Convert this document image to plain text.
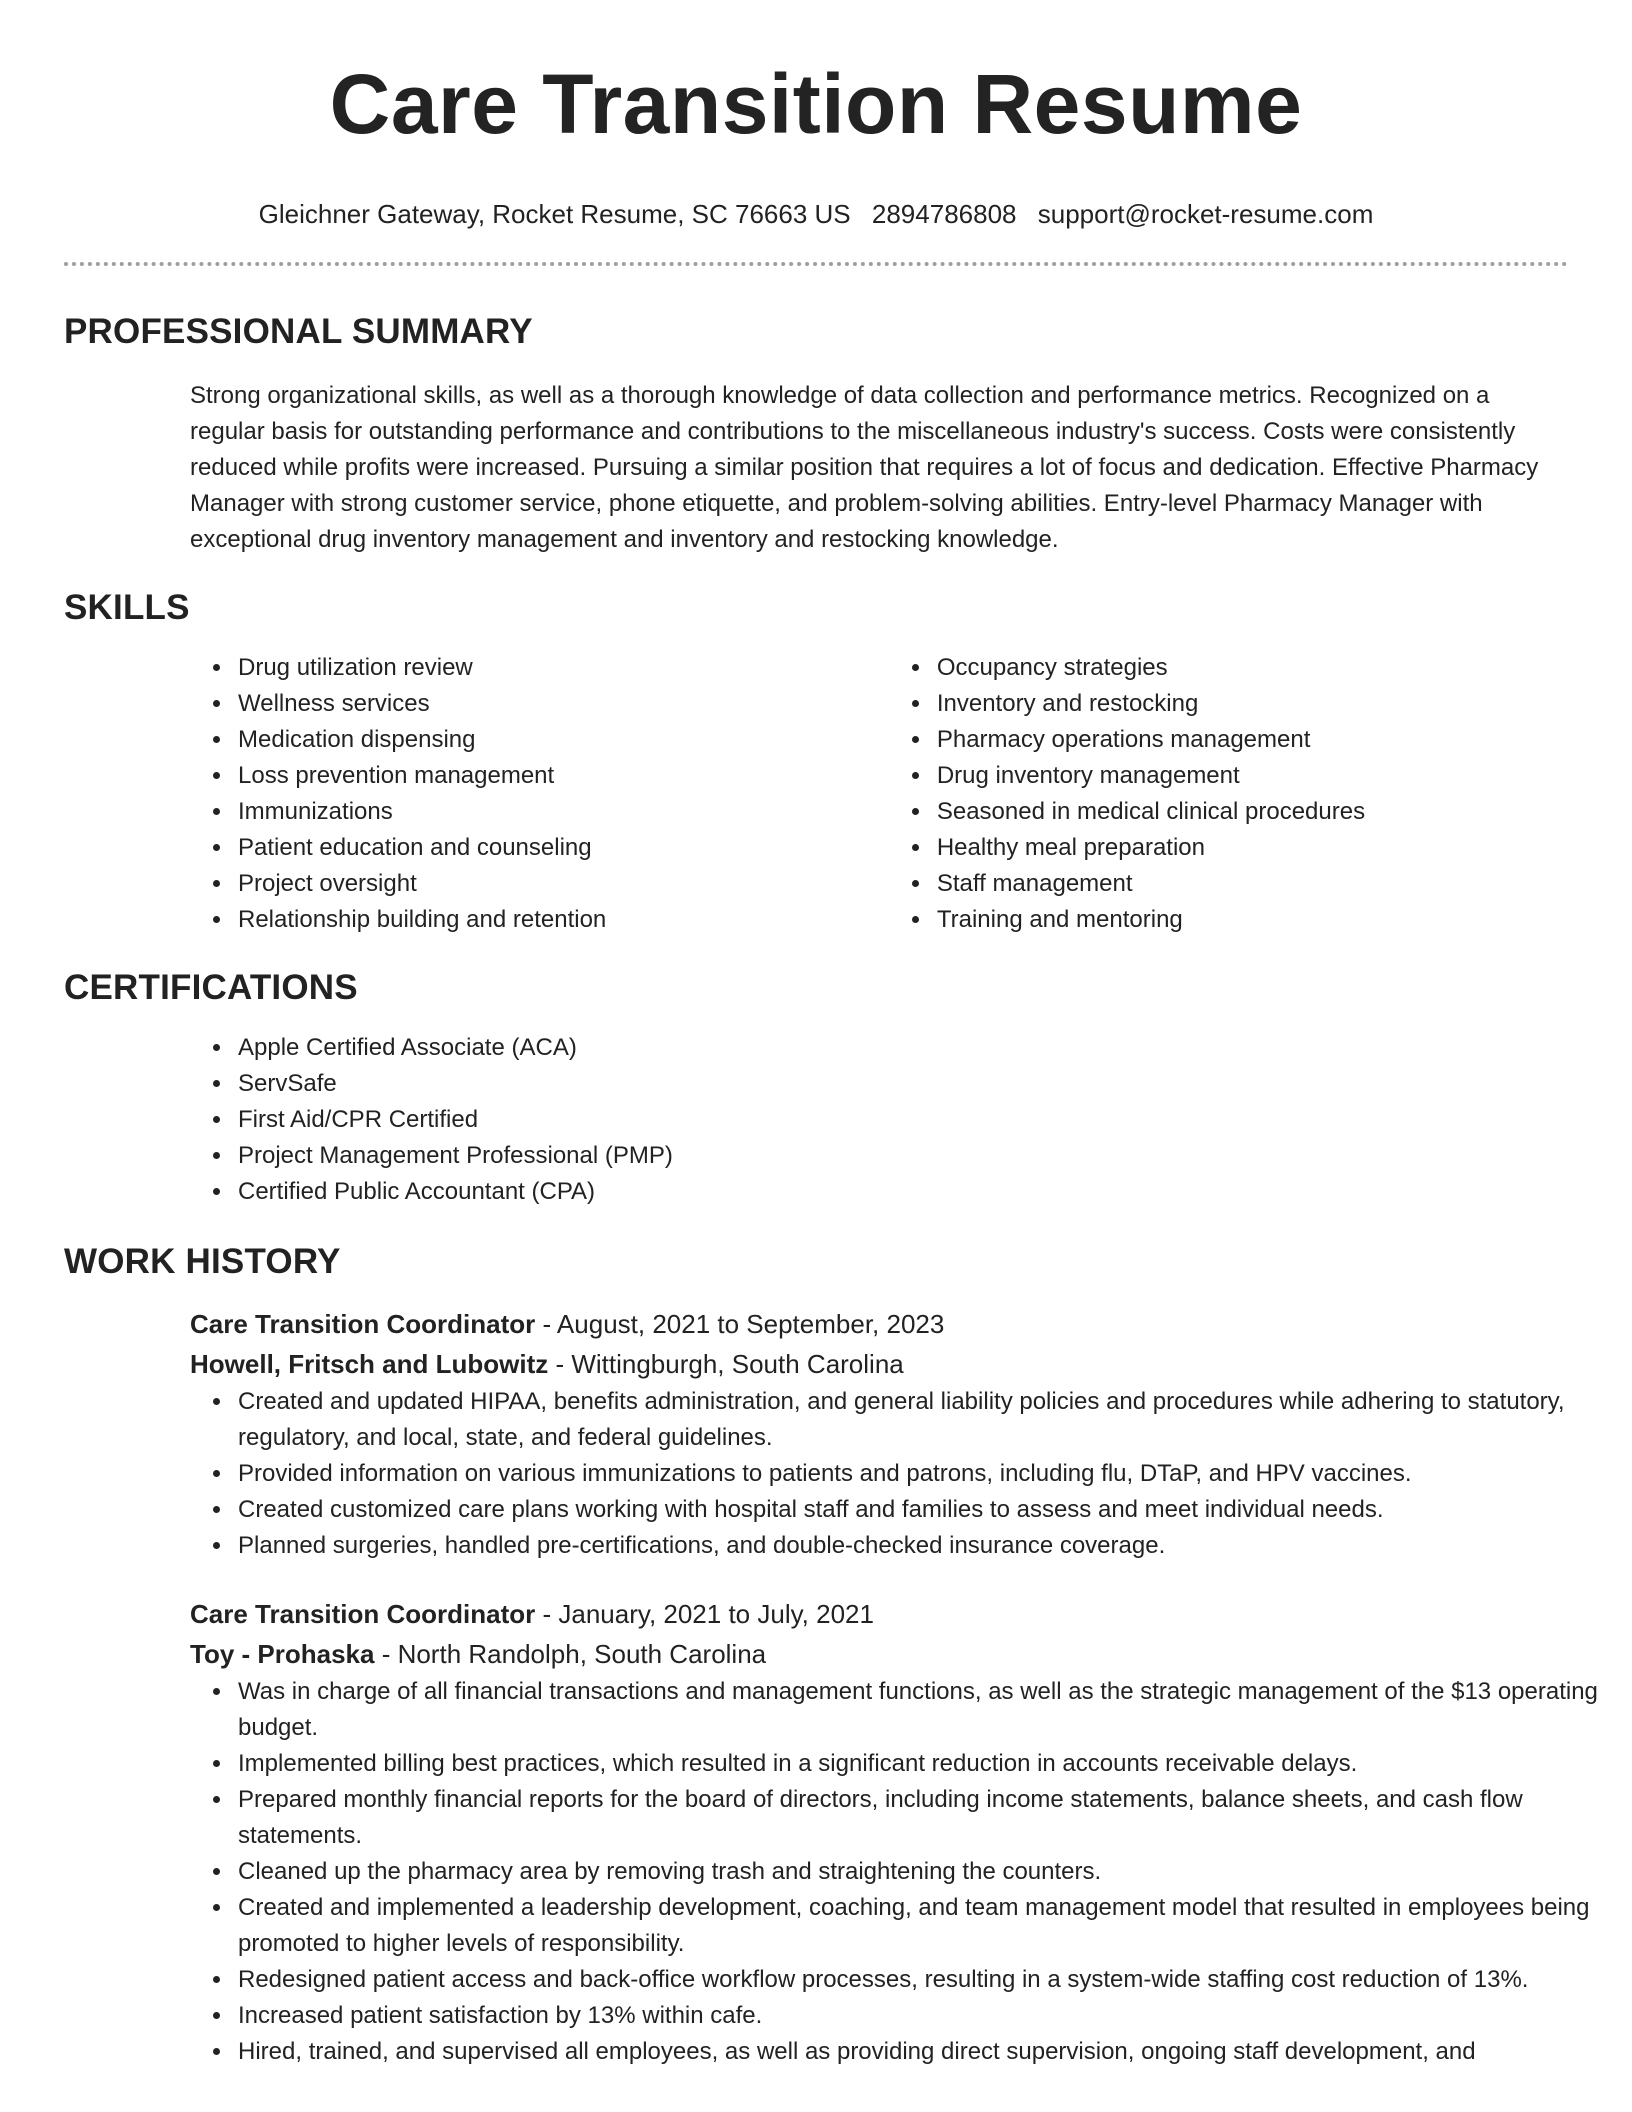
Care Transition Resume
Gleichner Gateway, Rocket Resume, SC 76663 US 2894786808 support@rocket-resume.com
PROFESSIONAL SUMMARY
Strong organizational skills, as well as a thorough knowledge of data collection and performance metrics. Recognized on a regular basis for outstanding performance and contributions to the miscellaneous industry's success. Costs were consistently reduced while profits were increased. Pursuing a similar position that requires a lot of focus and dedication. Effective Pharmacy Manager with strong customer service, phone etiquette, and problem-solving abilities. Entry-level Pharmacy Manager with exceptional drug inventory management and inventory and restocking knowledge.
SKILLS
• Drug utilization review
• Wellness services
• Medication dispensing
• Loss prevention management
• Immunizations
• Patient education and counseling
• Project oversight
• Relationship building and retention
• Occupancy strategies
• Inventory and restocking
• Pharmacy operations management
• Drug inventory management
• Seasoned in medical clinical procedures
• Healthy meal preparation
• Staff management
• Training and mentoring
CERTIFICATIONS
• Apple Certified Associate (ACA)
• ServSafe
• First Aid/CPR Certified
• Project Management Professional (PMP)
• Certified Public Accountant (CPA)
WORK HISTORY
Care Transition Coordinator - August, 2021 to September, 2023
Howell, Fritsch and Lubowitz - Wittingburgh, South Carolina
• Created and updated HIPAA, benefits administration, and general liability policies and procedures while adhering to statutory, regulatory, and local, state, and federal guidelines.
• Provided information on various immunizations to patients and patrons, including flu, DTaP, and HPV vaccines.
• Created customized care plans working with hospital staff and families to assess and meet individual needs.
• Planned surgeries, handled pre-certifications, and double-checked insurance coverage.
Care Transition Coordinator - January, 2021 to July, 2021
Toy - Prohaska - North Randolph, South Carolina
• Was in charge of all financial transactions and management functions, as well as the strategic management of the $13 operating budget.
• Implemented billing best practices, which resulted in a significant reduction in accounts receivable delays.
• Prepared monthly financial reports for the board of directors, including income statements, balance sheets, and cash flow statements.
• Cleaned up the pharmacy area by removing trash and straightening the counters.
• Created and implemented a leadership development, coaching, and team management model that resulted in employees being promoted to higher levels of responsibility.
• Redesigned patient access and back-office workflow processes, resulting in a system-wide staffing cost reduction of 13%.
• Increased patient satisfaction by 13% within cafe.
• Hired, trained, and supervised all employees, as well as providing direct supervision, ongoing staff development, and
